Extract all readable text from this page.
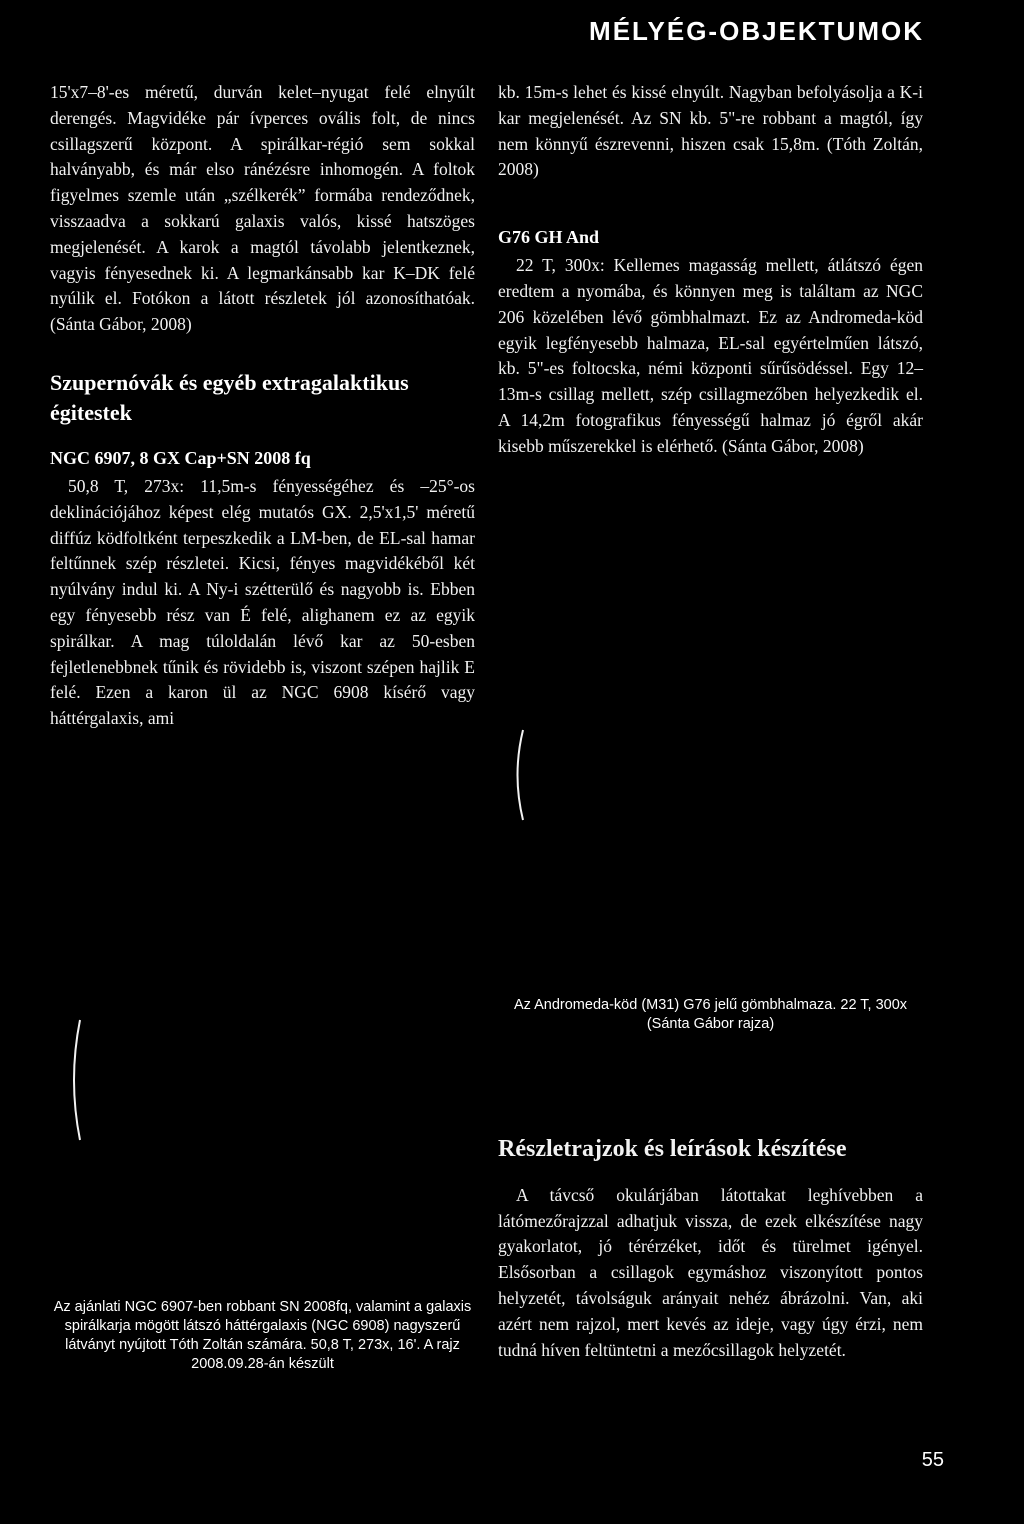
MÉLYÉG-OBJEKTUMOK

15'x7–8'-es méretű, durván kelet–nyugat felé elnyúlt derengés. Magvidéke pár ívperces ovális folt, de nincs csillagszerű központ. A spirálkar-régió sem sokkal halványabb, és már elso ránézésre inhomogén. A foltok figyelmes szemle után „szélkerék” formába rendeződnek, visszaadva a sokkarú galaxis valós, kissé hatszöges megjelenését. A karok a magtól távolabb jelentkeznek, vagyis fényesednek ki. A legmarkánsabb kar K–DK felé nyúlik el. Fotókon a látott részletek jól azonosíthatóak. (Sánta Gábor, 2008)

Szupernóvák és egyéb extragalaktikus égitestek
NGC 6907, 8 GX Cap+SN 2008 fq

50,8 T, 273x: 11,5m-s fényességéhez és –25°-os deklinációjához képest elég mutatós GX. 2,5'x1,5' méretű diffúz ködfoltként terpeszkedik a LM-ben, de EL-sal hamar feltűnnek szép részletei. Kicsi, fényes magvidékéből két nyúlvány indul ki. A Ny-i szétterülő és nagyobb is. Ebben egy fényesebb rész van É felé, alighanem ez az egyik spirálkar. A mag túloldalán lévő kar az 50-esben fejletlenebbnek tűnik és rövidebb is, viszont szépen hajlik E felé. Ezen a karon ül az NGC 6908 kísérő vagy háttérgalaxis, ami

Az ajánlati NGC 6907-ben robbant SN 2008fq, valamint a galaxis spirálkarja mögött látszó háttérgalaxis (NGC 6908) nagyszerű látványt nyújtott Tóth Zoltán számára. 50,8 T, 273x, 16'. A rajz 2008.09.28-án készült

kb. 15m-s lehet és kissé elnyúlt. Nagyban befolyásolja a K-i kar megjelenését. Az SN kb. 5"-re robbant a magtól, így nem könnyű észrevenni, hiszen csak 15,8m. (Tóth Zoltán, 2008)

G76 GH And

22 T, 300x: Kellemes magasság mellett, átlátszó égen eredtem a nyomába, és könnyen meg is találtam az NGC 206 közelében lévő gömbhalmazt. Ez az Andromeda-köd egyik legfényesebb halmaza, EL-sal egyértelműen látszó, kb. 5"-es foltocska, némi központi sűrűsödéssel. Egy 12–13m-s csillag mellett, szép csillagmezőben helyezkedik el. A 14,2m fotografikus fényességű halmaz jó égről akár kisebb műszerekkel is elérhető. (Sánta Gábor, 2008)

Az Andromeda-köd (M31) G76 jelű gömbhalmaza. 22 T, 300x (Sánta Gábor rajza)
Részletrajzok és leírások készítése

A távcső okulárjában látottakat leghívebben a látómezőrajzzal adhatjuk vissza, de ezek elkészítése nagy gyakorlatot, jó térérzéket, időt és türelmet igényel. Elsősorban a csillagok egymáshoz viszonyított pontos helyzetét, távolságuk arányait nehéz ábrázolni. Van, aki azért nem rajzol, mert kevés az ideje, vagy úgy érzi, nem tudná híven feltüntetni a mezőcsillagok helyzetét.

55
